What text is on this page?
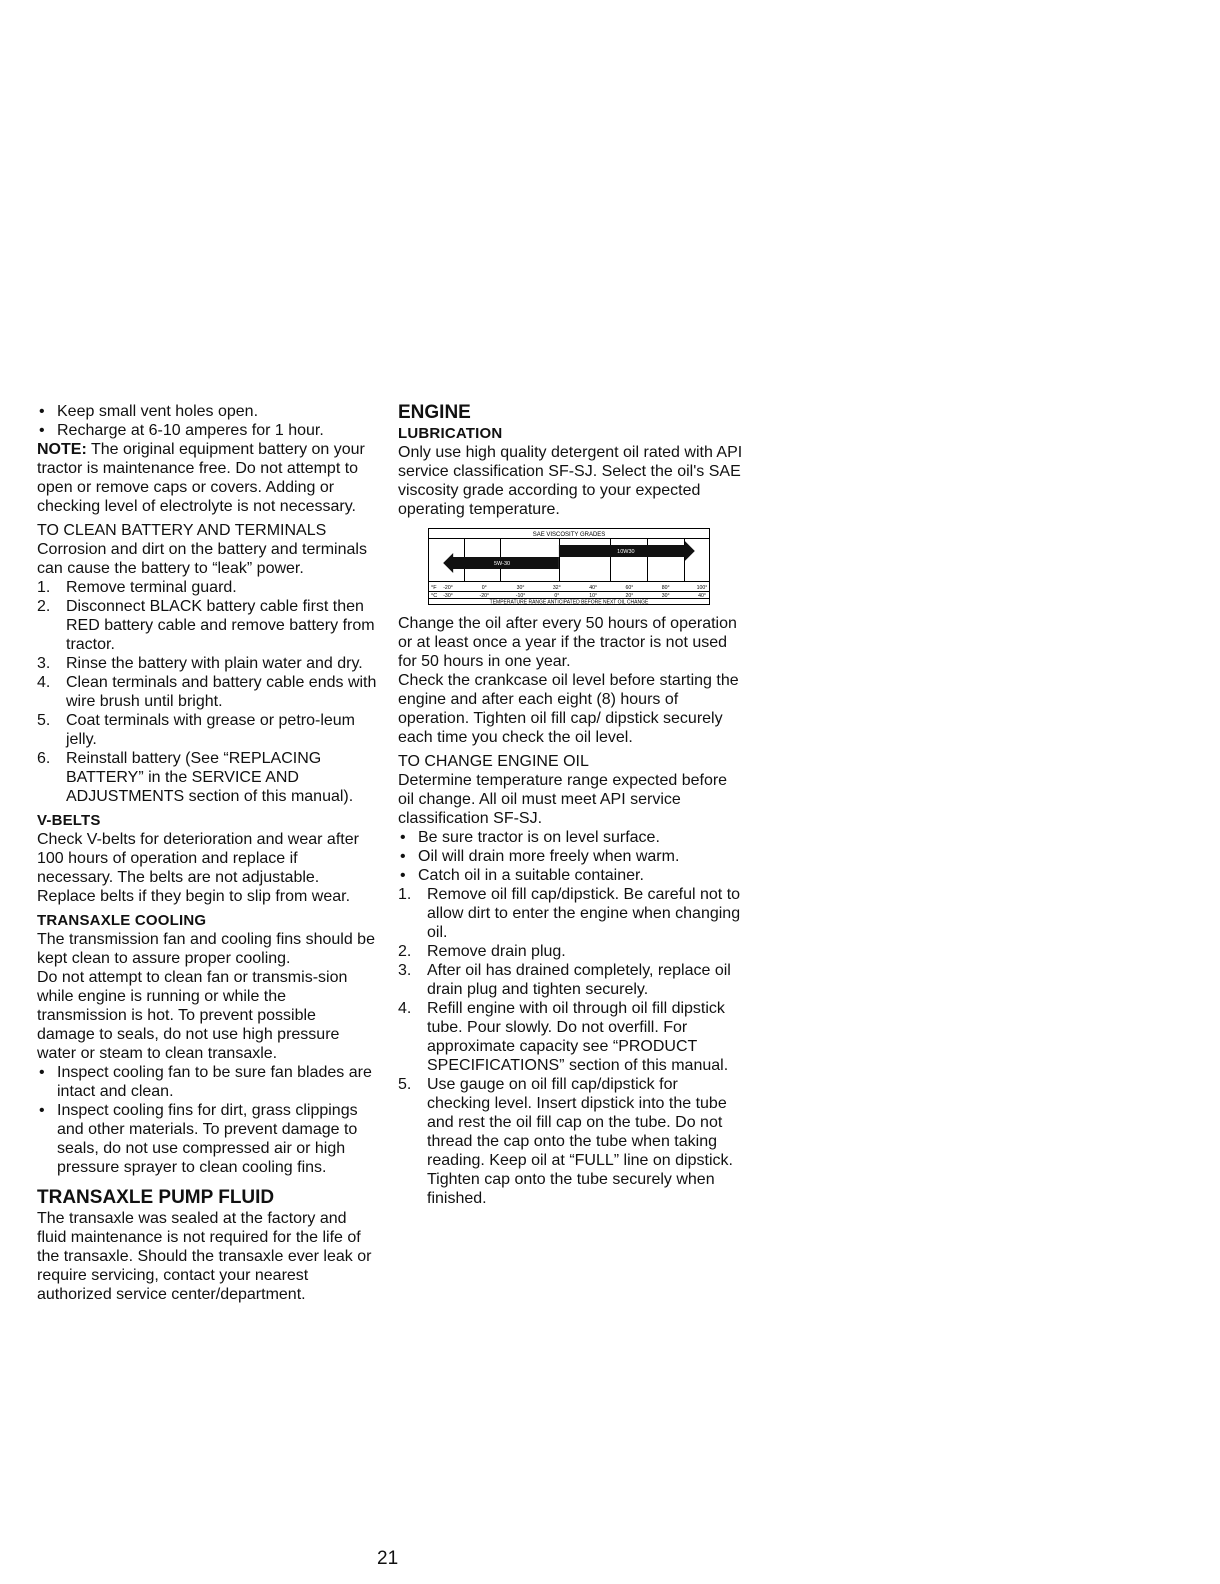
• Keep small vent holes open.
• Recharge at 6-10 amperes for 1 hour.

NOTE: The original equipment battery on your tractor is maintenance free. Do not attempt to open or remove caps or covers. Adding or checking level of electrolyte is not necessary.

TO CLEAN BATTERY AND TERMINALS

Corrosion and dirt on the battery and terminals can cause the battery to “leak” power.

1. Remove terminal guard.
2. Disconnect BLACK battery cable first then RED battery cable and remove battery from tractor.
3. Rinse the battery with plain water and dry.
4. Clean terminals and battery cable ends with wire brush until bright.
5. Coat terminals with grease or petro-leum jelly.
6. Reinstall battery (See “REPLACING BATTERY” in the SERVICE AND ADJUSTMENTS section of this manual).

V-BELTS

Check V-belts for deterioration and wear after 100 hours of operation and replace if necessary. The belts are not adjustable. Replace belts if they begin to slip from wear.

TRANSAXLE COOLING

The transmission fan and cooling fins should be kept clean to assure proper cooling.

Do not attempt to clean fan or transmis-sion while engine is running or while the transmission is hot. To prevent possible damage to seals, do not use high pressure water or steam to clean transaxle.

• Inspect cooling fan to be sure fan blades are intact and clean.
• Inspect cooling fins for dirt, grass clippings and other materials. To prevent damage to seals, do not use compressed air or high pressure sprayer to clean cooling fins.

TRANSAXLE PUMP FLUID

The transaxle was sealed at the factory and fluid maintenance is not required for the life of the transaxle. Should the transaxle ever leak or require servicing, contact your nearest authorized service center/department.

ENGINE

LUBRICATION

Only use high quality detergent oil rated with API service classification SF-SJ. Select the oil's SAE viscosity grade according to your expected operating temperature.

SAE VISCOSITY GRADES
5W-30
10W30
-20°	0°	30°	32°	40°	60°	80°	100°
-30°	-20°	-10°	0°	10°	20°	30°	40°
°F
°C
TEMPERATURE RANGE ANTICIPATED BEFORE NEXT OIL CHANGE

Change the oil after every 50 hours of operation or at least once a year if the tractor is not used for 50 hours in one year.

Check the crankcase oil level before starting the engine and after each eight (8) hours of operation. Tighten oil fill cap/ dipstick securely each time you check the oil level.

TO CHANGE ENGINE OIL

Determine temperature range expected before oil change. All oil must meet API service classification SF-SJ.

• Be sure tractor is on level surface.
• Oil will drain more freely when warm.
• Catch oil in a suitable container.
1. Remove oil fill cap/dipstick. Be careful not to allow dirt to enter the engine when changing oil.
2. Remove drain plug.
3. After oil has drained completely, replace oil drain plug and tighten securely.
4. Refill engine with oil through oil fill dipstick tube. Pour slowly. Do not overfill. For approximate capacity see “PRODUCT SPECIFICATIONS” section of this manual.
5. Use gauge on oil fill cap/dipstick for checking level. Insert dipstick into the tube and rest the oil fill cap on the tube. Do not thread the cap onto the tube when taking reading. Keep oil at “FULL” line on dipstick. Tighten cap onto the tube securely when finished.
21
